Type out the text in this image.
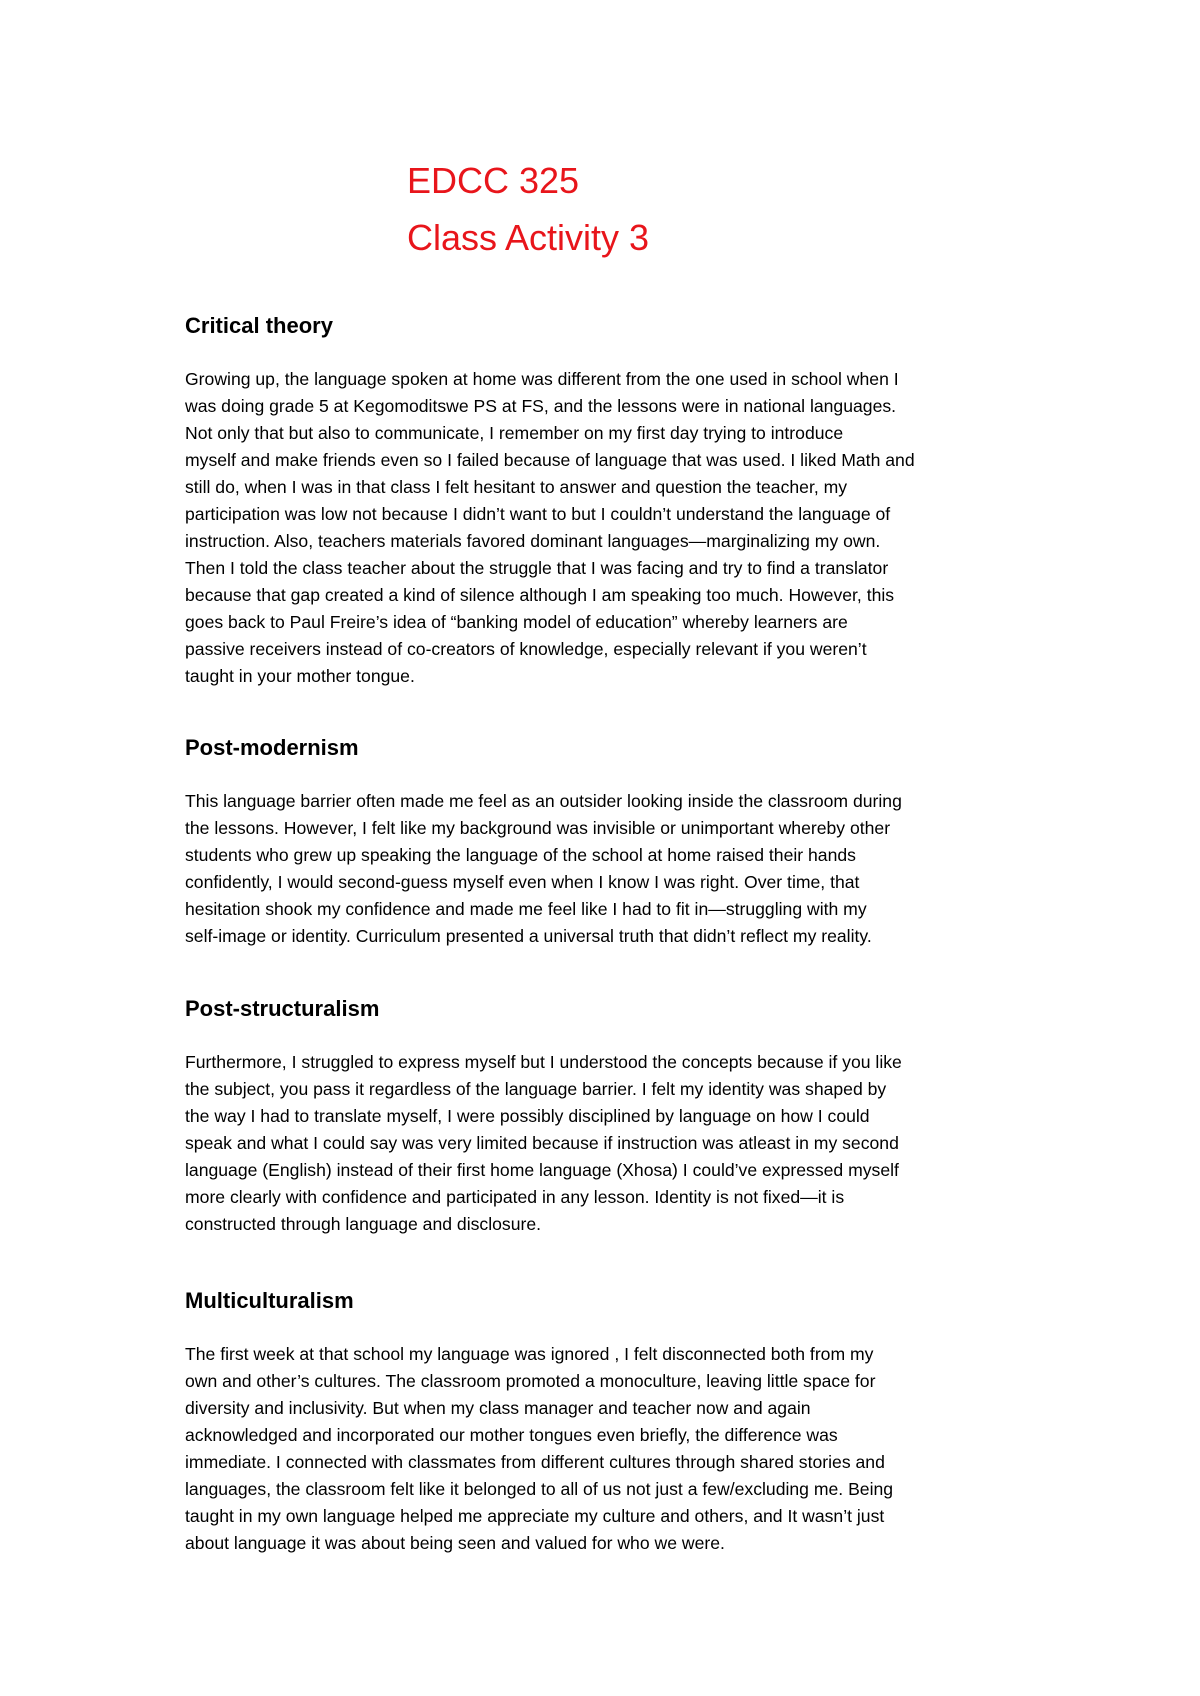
EDCC 325
Class Activity 3
Critical theory
Growing up, the language spoken at home was different from the one used in school when I
was doing grade 5 at Kegomoditswe PS at FS, and the lessons were in national languages.
Not only that but also to communicate, I remember on my first day trying to introduce
myself and make friends even so I failed because of language that was used. I liked Math and
still do, when I was in that class I felt hesitant to answer and question the teacher, my
participation was low not because I didn’t want to but I couldn’t understand the language of
instruction. Also, teachers materials favored dominant languages—marginalizing my own.
Then I told the class teacher about the struggle that I was facing and try to find a translator
because that gap created a kind of silence although I am speaking too much. However, this
goes back to Paul Freire’s idea of “banking model of education” whereby learners are
passive receivers instead of co-creators of knowledge, especially relevant if you weren’t
taught in your mother tongue.
Post-modernism
This language barrier often made me feel as an outsider looking inside the classroom during
the lessons. However, I felt like my background was invisible or unimportant whereby other
students who grew up speaking the language of the school at home raised their hands
confidently, I would second-guess myself even when I know I was right. Over time, that
hesitation shook my confidence and made me feel like I had to fit in—struggling with my
self-image or identity. Curriculum presented a universal truth that didn’t reflect my reality.
Post-structuralism
Furthermore, I struggled to express myself but I understood the concepts because if you like
the subject, you pass it regardless of the language barrier. I felt my identity was shaped by
the way I had to translate myself, I were possibly disciplined by language on how I could
speak and what I could say was very limited because if instruction was atleast in my second
language (English) instead of their first home language (Xhosa) I could’ve expressed myself
more clearly with confidence and participated in any lesson. Identity is not fixed—it is
constructed through language and disclosure.
Multiculturalism
The first week at that school my language was ignored , I felt disconnected both from my
own and other’s cultures. The classroom promoted a monoculture, leaving little space for
diversity and inclusivity. But when my class manager and teacher now and again
acknowledged and incorporated our mother tongues even briefly, the difference was
immediate. I connected with classmates from different cultures through shared stories and
languages, the classroom felt like it belonged to all of us not just a few/excluding me. Being
taught in my own language helped me appreciate my culture and others, and It wasn’t just
about language it was about being seen and valued for who we were.
